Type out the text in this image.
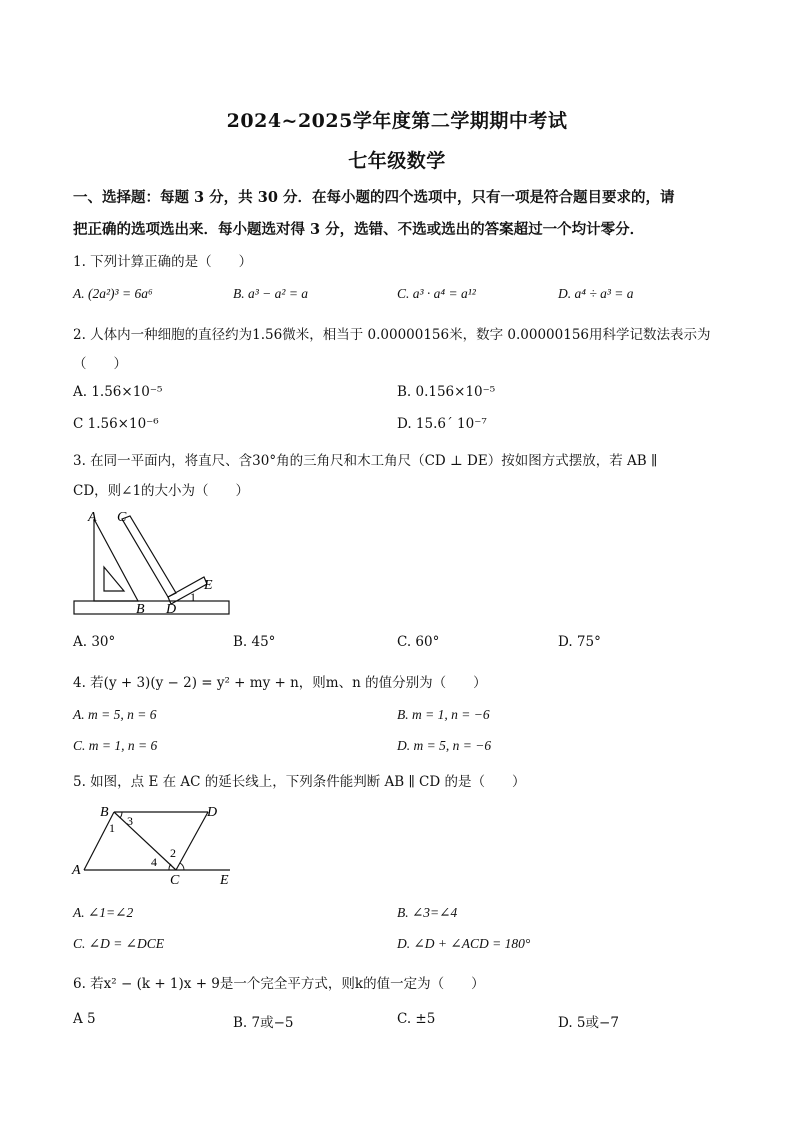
2024~2025学年度第二学期期中考试
七年级数学
一、选择题：每题 3 分，共 30 分．在每小题的四个选项中，只有一项是符合题目要求的，请
把正确的选项选出来．每小题选对得 3 分，选错、不选或选出的答案超过一个均计零分．
1. 下列计算正确的是（　　）
A. (2a²)³ = 6a⁶	B. a³ − a² = a	C. a³ · a⁴ = a¹²	D. a⁴ ÷ a³ = a
2. 人体内一种细胞的直径约为1.56微米，相当于 0.00000156米，数字 0.00000156用科学记数法表示为
（　　）
A. 1.56×10⁻⁵	B. 0.156×10⁻⁵
C 1.56×10⁻⁶	D. 15.6´ 10⁻⁷
3. 在同一平面内，将直尺、含30°角的三角尺和木工角尺（CD ⊥ DE）按如图方式摆放，若 AB ∥
CD，则∠1的大小为（　　）
A C
E
1
B D
A. 30°	B. 45°	C. 60°	D. 75°
4. 若(y + 3)(y − 2) = y² + my + n，则m、n 的值分别为（　　）
A. m = 5, n = 6	B. m = 1, n = −6
C. m = 1, n = 6	D. m = 5, n = −6
5. 如图，点 E 在 AC 的延长线上，下列条件能判断 AB ∥ CD 的是（　　）
B	D
1 3
4
2
A
C	E
A. ∠1=∠2	B. ∠3=∠4
C. ∠D = ∠DCE	D. ∠D + ∠ACD = 180°
6. 若x² − (k + 1)x + 9是一个完全平方式，则k的值一定为（　　）
A 5	B. 7或−5	C. ±5	D. 5或−7
